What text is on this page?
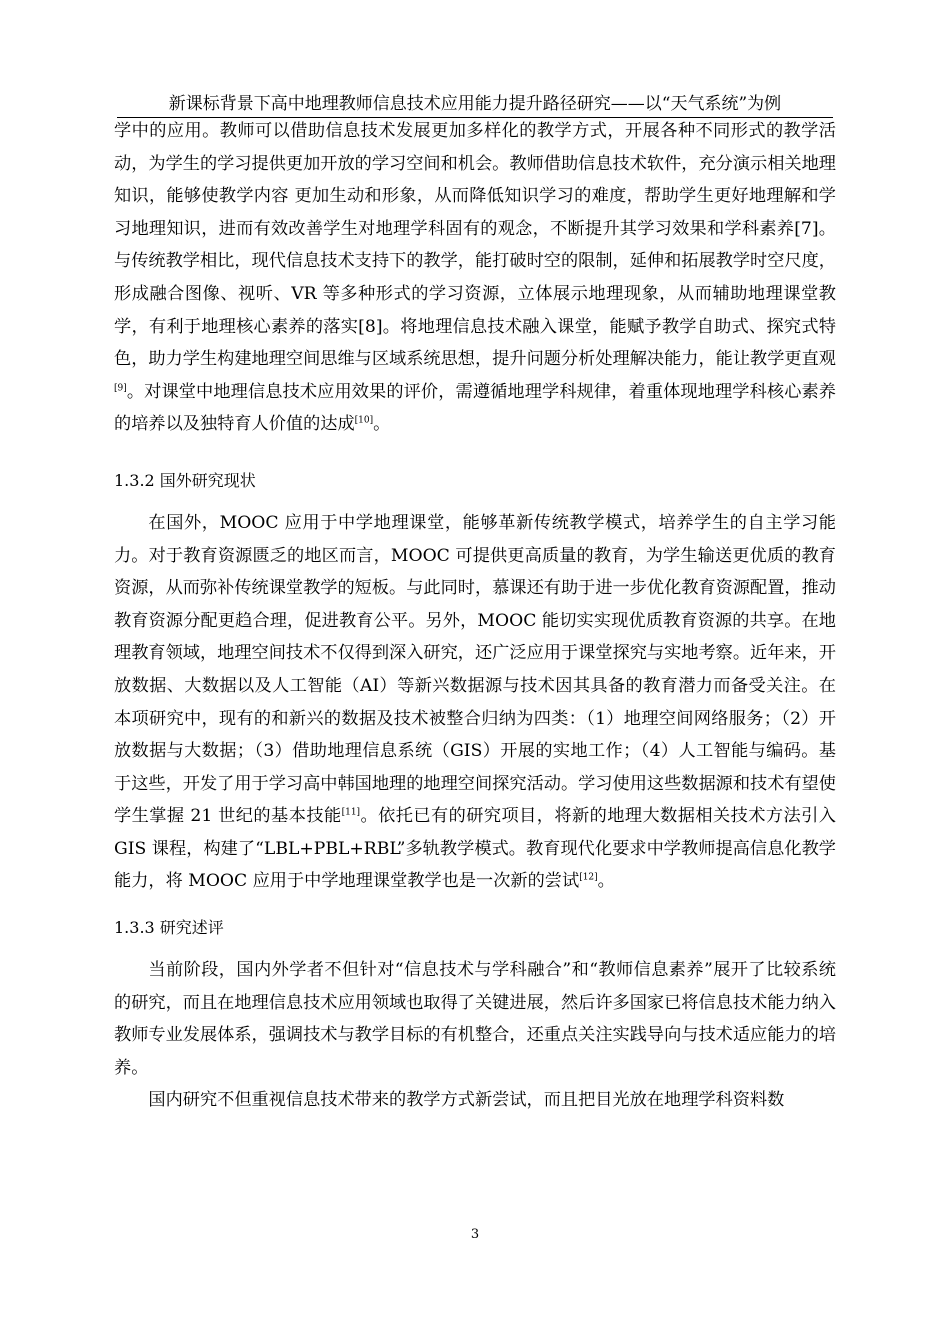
新课标背景下高中地理教师信息技术应用能力提升路径研究——以“天气系统”为例

学中的应用。教师可以借助信息技术发展更加多样化的教学方式，开展各种不同形式的教学活动，为学生的学习提供更加开放的学习空间和机会。教师借助信息技术软件，充分演示相关地理知识，能够使教学内容 更加生动和形象，从而降低知识学习的难度，帮助学生更好地理解和学习地理知识，进而有效改善学生对地理学科固有的观念，不断提升其学习效果和学科素养[7]。与传统教学相比，现代信息技术支持下的教学，能打破时空的限制，延伸和拓展教学时空尺度，形成融合图像、视听、VR 等多种形式的学习资源，立体展示地理现象，从而辅助地理课堂教学，有利于地理核心素养的落实[8]。将地理信息技术融入课堂，能赋予教学自助式、探究式特色，助力学生构建地理空间思维与区域系统思想，提升问题分析处理解决能力，能让教学更直观[9]。对课堂中地理信息技术应用效果的评价，需遵循地理学科规律，着重体现地理学科核心素养的培养以及独特育人价值的达成[10]。

1.3.2 国外研究现状

在国外，MOOC 应用于中学地理课堂，能够革新传统教学模式，培养学生的自主学习能力。对于教育资源匮乏的地区而言，MOOC 可提供更高质量的教育，为学生输送更优质的教育资源，从而弥补传统课堂教学的短板。与此同时，慕课还有助于进一步优化教育资源配置，推动教育资源分配更趋合理，促进教育公平。另外，MOOC 能切实实现优质教育资源的共享。在地理教育领域，地理空间技术不仅得到深入研究，还广泛应用于课堂探究与实地考察。近年来，开放数据、大数据以及人工智能（AI）等新兴数据源与技术因其具备的教育潜力而备受关注。在本项研究中，现有的和新兴的数据及技术被整合归纳为四类：（1）地理空间网络服务；（2）开放数据与大数据；（3）借助地理信息系统（GIS）开展的实地工作；（4）人工智能与编码。基于这些，开发了用于学习高中韩国地理的地理空间探究活动。学习使用这些数据源和技术有望使学生掌握 21 世纪的基本技能[11]。依托已有的研究项目，将新的地理大数据相关技术方法引入 GIS 课程，构建了“LBL+PBL+RBL”多轨教学模式。教育现代化要求中学教师提高信息化教学能力，将 MOOC 应用于中学地理课堂教学也是一次新的尝试[12]。

1.3.3 研究述评

当前阶段，国内外学者不但针对“信息技术与学科融合”和“教师信息素养”展开了比较系统的研究，而且在地理信息技术应用领域也取得了关键进展，然后许多国家已将信息技术能力纳入教师专业发展体系，强调技术与教学目标的有机整合，还重点关注实践导向与技术适应能力的培养。

国内研究不但重视信息技术带来的教学方式新尝试，而且把目光放在地理学科资料数

3
